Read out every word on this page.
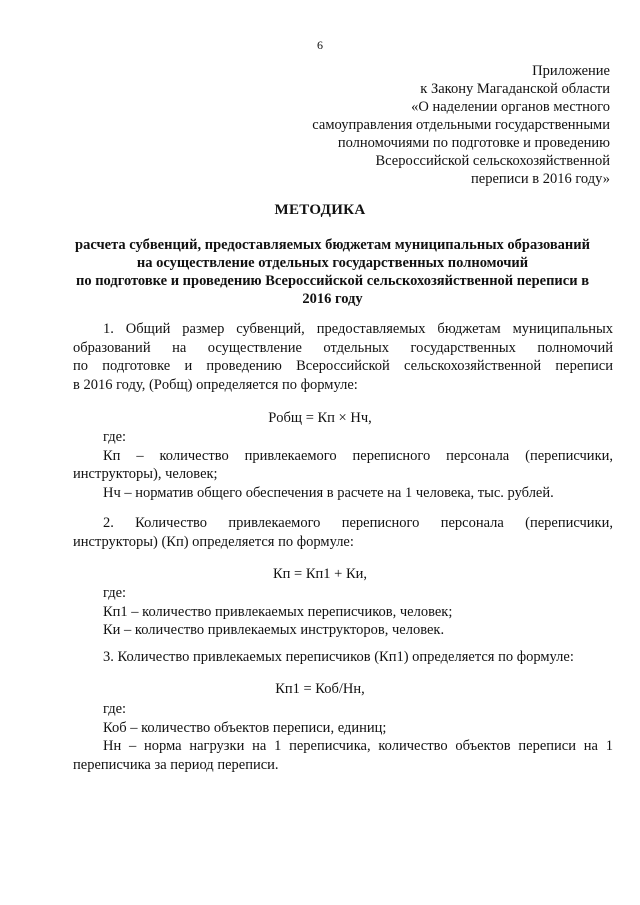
6
Приложение
к Закону Магаданской области
«О наделении органов местного
самоуправления отдельными государственными
полномочиями по подготовке и проведению
Всероссийской сельскохозяйственной
переписи в 2016 году»
МЕТОДИКА
расчета субвенций, предоставляемых бюджетам муниципальных образований
на осуществление отдельных государственных полномочий
по подготовке и проведению Всероссийской сельскохозяйственной переписи в
2016 году
1. Общий размер субвенций, предоставляемых бюджетам муниципальных
образований на осуществление отдельных государственных полномочий
по подготовке и проведению Всероссийской сельскохозяйственной переписи
в 2016 году, (Pобщ) определяется по формуле:
Pобщ = Кп × Нч,
где:
Кп – количество привлекаемого переписного персонала (переписчики,
инструкторы), человек;
Нч – норматив общего обеспечения в расчете на 1 человека, тыс. рублей.
2. Количество привлекаемого переписного персонала (переписчики,
инструкторы) (Кп) определяется по формуле:
Кп = Кп1 + Ки,
где:
Кп1 – количество привлекаемых переписчиков, человек;
Ки – количество привлекаемых инструкторов, человек.
3. Количество привлекаемых переписчиков (Кп1) определяется по формуле:
Кп1 = Коб/Нн,
где:
Коб – количество объектов переписи, единиц;
Нн – норма нагрузки на 1 переписчика, количество объектов переписи на 1
переписчика за период переписи.
